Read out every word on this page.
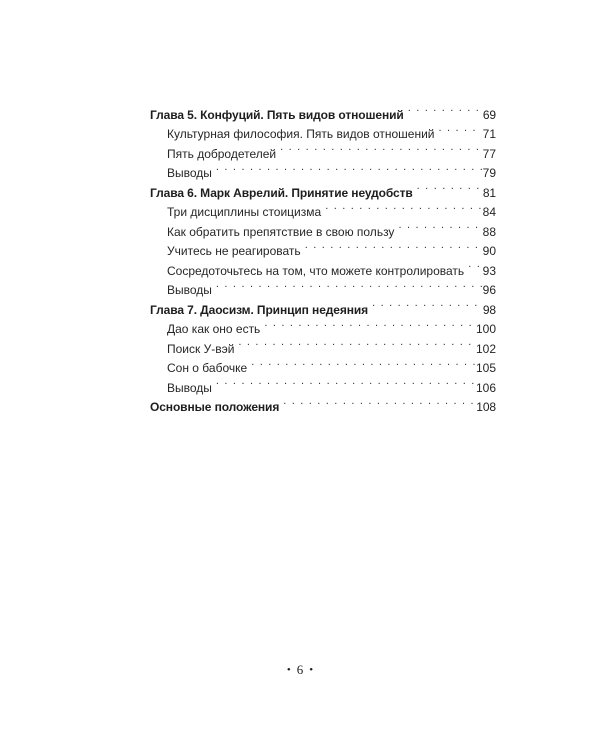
Глава 5. Конфуций. Пять видов отношений . . .	69
Культурная философия. Пять видов отношений . . .	71
Пять добродетелей . . .	77
Выводы . . .	79
Глава 6. Марк Аврелий. Принятие неудобств . . .	81
Три дисциплины стоицизма . . .	84
Как обратить препятствие в свою пользу . . .	88
Учитесь не реагировать . . .	90
Сосредоточьтесь на том, что можете контролировать . . . 93
Выводы . . .	96
Глава 7. Даосизм. Принцип недеяния . . .	98
Дао как оно есть . . .	100
Поиск У-вэй . . .	102
Сон о бабочке . . .	105
Выводы . . .	106
Основные положения . . .	108
• 6 •
